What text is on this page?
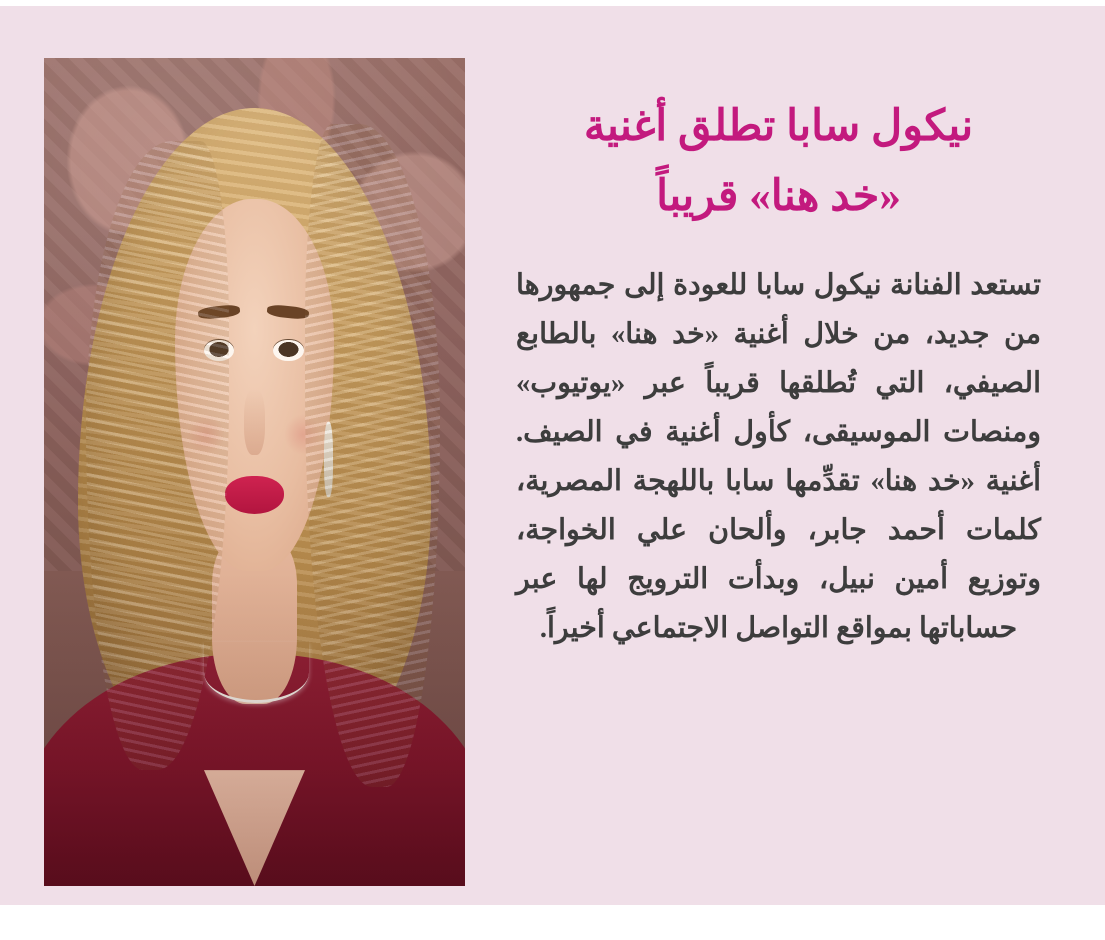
نيكول سابا تطلق أغنية
«خد هنا» قريباً

تستعد الفنانة نيكول سابا للعودة إلى جمهورها من جديد، من خلال أغنية «خد هنا» بالطابع الصيفي، التي تُطلقها قريباً عبر «يوتيوب» ومنصات الموسيقى، كأول أغنية في الصيف. أغنية «خد هنا» تقدِّمها سابا باللهجة المصرية، كلمات أحمد جابر، وألحان علي الخواجة، وتوزيع أمين نبيل، وبدأت الترويج لها عبر حساباتها بمواقع التواصل الاجتماعي أخيراً.
